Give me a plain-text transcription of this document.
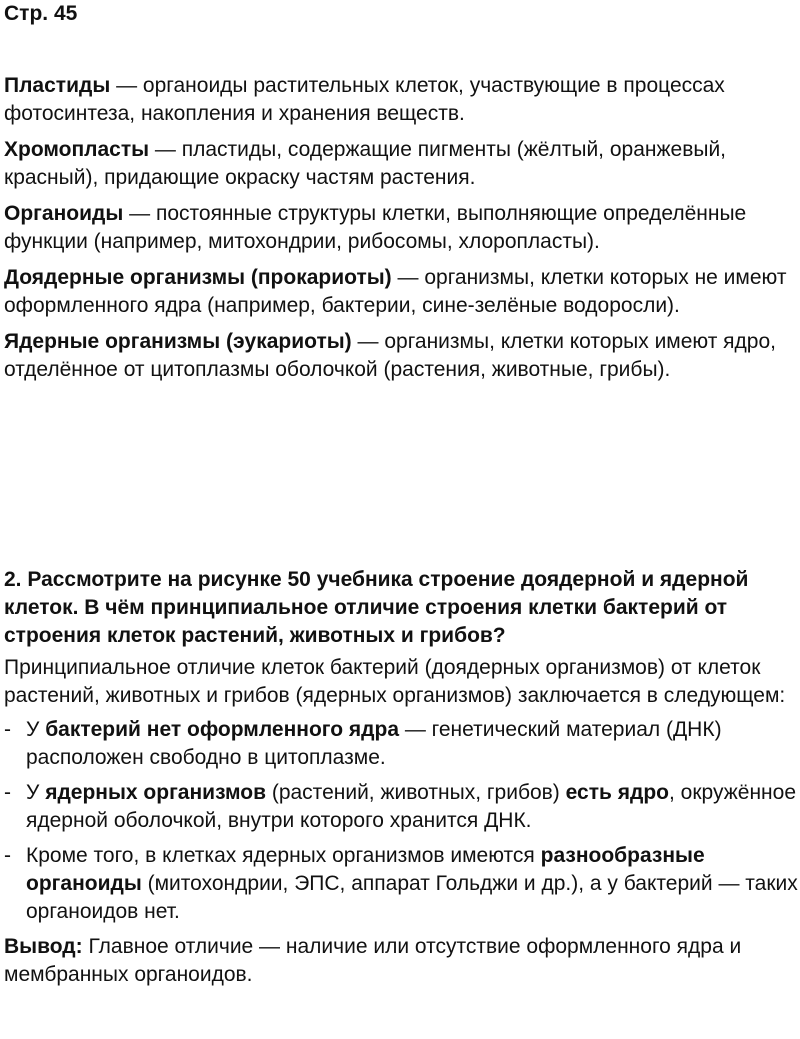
Стр. 45

Пластиды — органоиды растительных клеток, участвующие в процессах фотосинтеза, накопления и хранения веществ.

Хромопласты — пластиды, содержащие пигменты (жёлтый, оранжевый, красный), придающие окраску частям растения.

Органоиды — постоянные структуры клетки, выполняющие определённые функции (например, митохондрии, рибосомы, хлоропласты).

Доядерные организмы (прокариоты) — организмы, клетки которых не имеют оформленного ядра (например, бактерии, сине-зелёные водоросли).

Ядерные организмы (эукариоты) — организмы, клетки которых имеют ядро, отделённое от цитоплазмы оболочкой (растения, животные, грибы).

2. Рассмотрите на рисунке 50 учебника строение доядерной и ядерной клеток. В чём принципиальное отличие строения клетки бактерий от строения клеток растений, животных и грибов?

Принципиальное отличие клеток бактерий (доядерных организмов) от клеток растений, животных и грибов (ядерных организмов) заключается в следующем:

- У бактерий нет оформленного ядра — генетический материал (ДНК) расположен свободно в цитоплазме.
- У ядерных организмов (растений, животных, грибов) есть ядро, окружённое ядерной оболочкой, внутри которого хранится ДНК.
- Кроме того, в клетках ядерных организмов имеются разнообразные органоиды (митохондрии, ЭПС, аппарат Гольджи и др.), а у бактерий — таких органоидов нет.

Вывод: Главное отличие — наличие или отсутствие оформленного ядра и мембранных органоидов.
